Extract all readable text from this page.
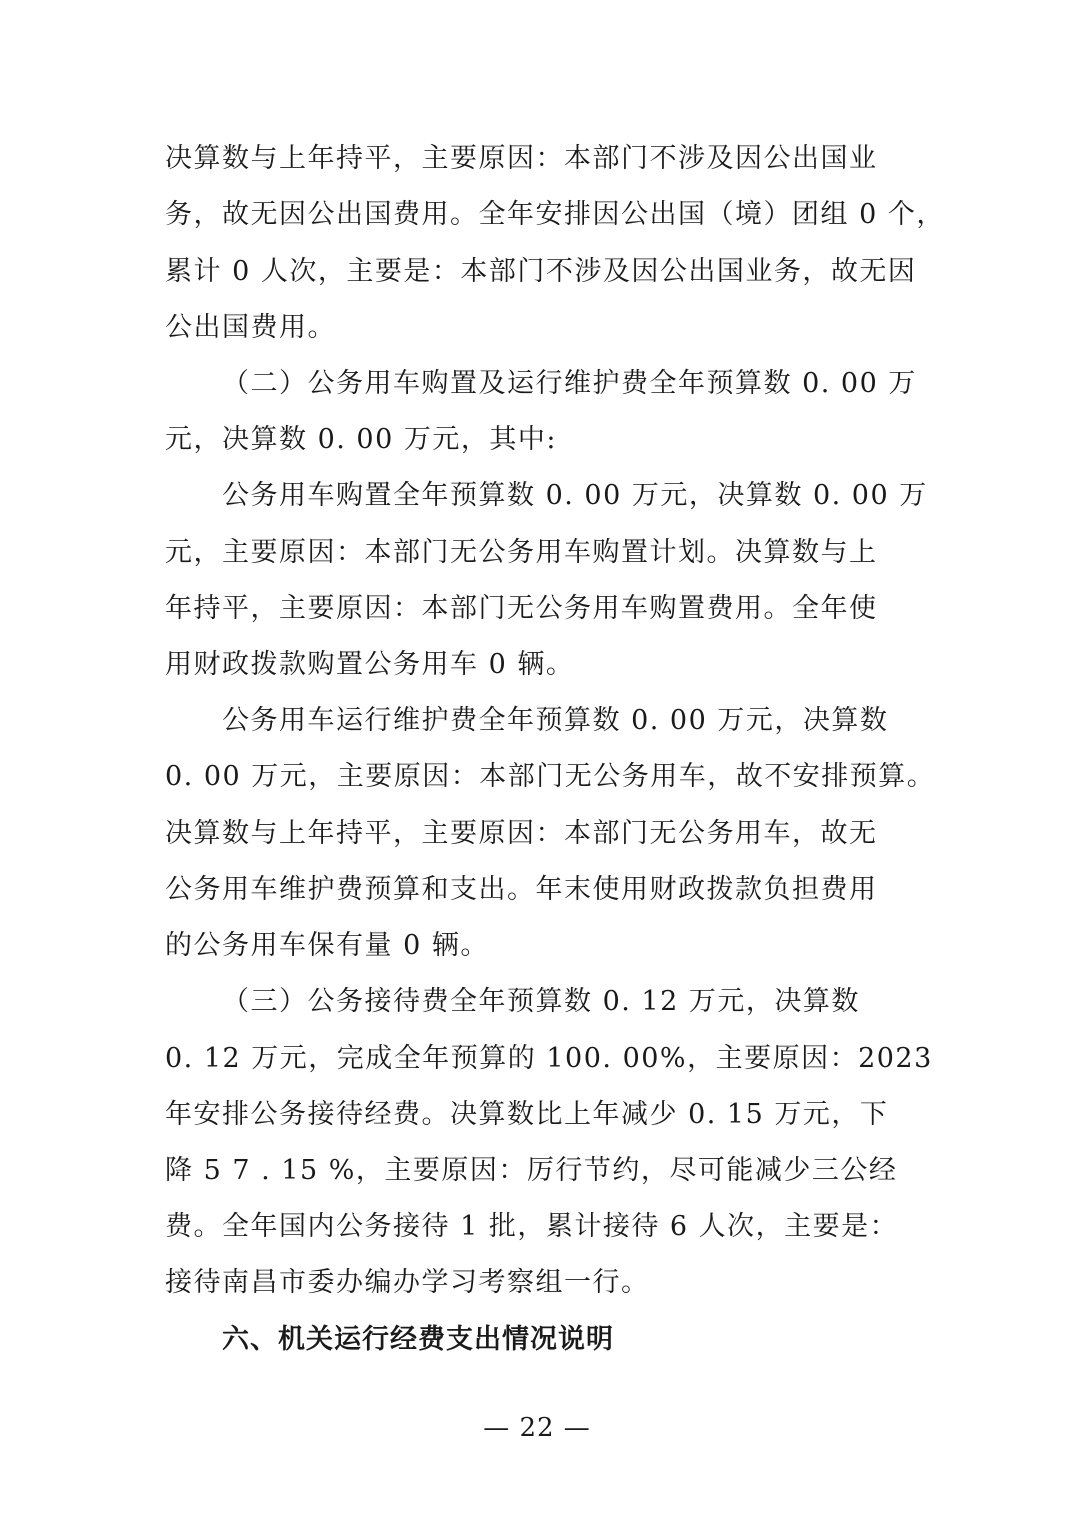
决算数与上年持平，主要原因：本部门不涉及因公出国业
务，故无因公出国费用。全年安排因公出国（境）团组 0 个，
累计 0 人次，主要是：本部门不涉及因公出国业务，故无因
公出国费用。
（二）公务用车购置及运行维护费全年预算数 0. 00 万
元，决算数 0. 00 万元，其中:
公务用车购置全年预算数 0. 00 万元，决算数 0. 00 万
元，主要原因：本部门无公务用车购置计划。决算数与上
年持平，主要原因：本部门无公务用车购置费用。全年使
用财政拨款购置公务用车 0 辆。
公务用车运行维护费全年预算数 0. 00 万元，决算数
0. 00 万元，主要原因：本部门无公务用车，故不安排预算。
决算数与上年持平，主要原因：本部门无公务用车，故无
公务用车维护费预算和支出。年末使用财政拨款负担费用
的公务用车保有量 0 辆。
（三）公务接待费全年预算数 0. 12 万元，决算数
0. 12 万元，完成全年预算的 100. 00%，主要原因：2023
年安排公务接待经费。决算数比上年减少 0. 15 万元，下
降 5 7 . 15 %，主要原因：厉行节约，尽可能减少三公经
费。全年国内公务接待 1 批，累计接待 6 人次，主要是：
接待南昌市委办编办学习考察组一行。
六、机关运行经费支出情况说明
— 22 —
